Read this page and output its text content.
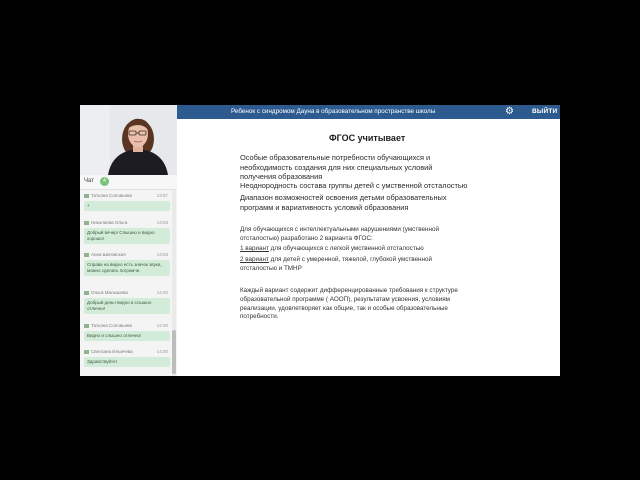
Чат	4
Татьяна Соловьева	13:57
+
Николаева Ольга	13:58
Добрый вечер! Слышно и видно хорошо!
Анна Шкловская	13:59
Справа на видео есть значок звука, можно сделать погромче.
Ольга Малышева	14:00
Добрый день! видно и слышно отлично!
Татьяна Соловьева	14:00
Видно и слышно отлично!
Светлана Ильичева	14:00
Здравствуйте!
Ребенок с синдромом Дауна в образовательном пространстве школы	⚙	ВЫЙТИ
ФГОС учитывает
Особые образовательные потребности обучающихся и
необходимость создания для них специальных условий
получения образования
Неоднородность состава группы детей с умственной отсталостью
Диапазон возможностей освоения детьми образовательных
программ и вариативность условий образования
Для обучающихся с интеллектуальными нарушениями (умственной
отсталостью) разработано 2 варианта ФГОС:
1 вариант для обучающихся с легкой умственной отсталостью
2 вариант для детей с умеренной, тяжелой, глубокой умственной
отсталостью и ТМНР
Каждый вариант содержит дифференцированные требования к структуре
образовательной программе ( АООП), результатам усвоения, условиям
реализации, удовлетворяет как общие, так и особые образовательные
потребности.
